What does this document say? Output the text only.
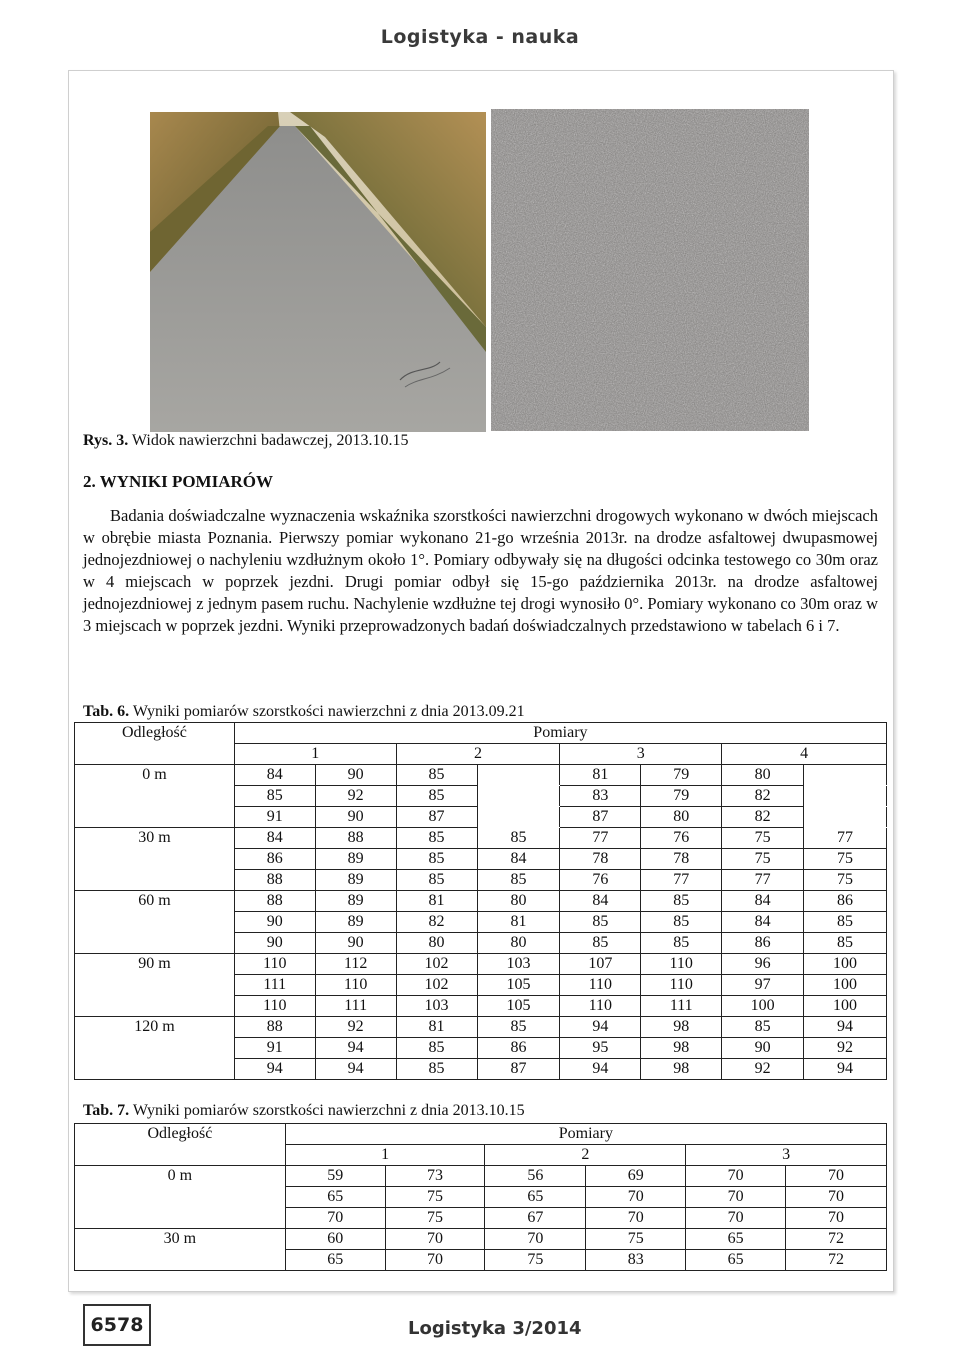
Logistyka - nauka
Rys. 3. Widok nawierzchni badawczej, 2013.10.15
2. WYNIKI POMIARÓW
Badania doświadczalne wyznaczenia wskaźnika szorstkości nawierzchni drogowych wykonano w dwóch miejscach w obrębie miasta Poznania. Pierwszy pomiar wykonano 21-go września 2013r. na drodze asfaltowej dwupasmowej jednojezdniowej o nachyleniu wzdłużnym około 1°. Pomiary odbywały się na długości odcinka testowego co 30m oraz w 4 miejscach w poprzek jezdni. Drugi pomiar odbył się 15-go października 2013r. na drodze asfaltowej jednojezdniowej z jednym pasem ruchu. Nachylenie wzdłużne tej drogi wynosiło 0°. Pomiary wykonano co 30m oraz w 3 miejscach w poprzek jezdni. Wyniki przeprowadzonych badań doświadczalnych przedstawiono w tabelach 6 i 7.
Tab. 6. Wyniki pomiarów szorstkości nawierzchni z dnia 2013.09.21
Odległość	Pomiary							
	1		2		3		4	
0 m	84	90	85		81	79	80	
	85	92	85		83	79	82	
	91	90	87		87	80	82	
30 m	84	88	85	85	77	76	75	77
	86	89	85	84	78	78	75	75
	88	89	85	85	76	77	77	75
60 m	88	89	81	80	84	85	84	86
	90	89	82	81	85	85	84	85
	90	90	80	80	85	85	86	85
90 m	110	112	102	103	107	110	96	100
	111	110	102	105	110	110	97	100
	110	111	103	105	110	111	100	100
120 m	88	92	81	85	94	98	85	94
	91	94	85	86	95	98	90	92
	94	94	85	87	94	98	92	94
Tab. 7. Wyniki pomiarów szorstkości nawierzchni z dnia 2013.10.15
Odległość	Pomiary					
	1		2		3	
0 m	59	73	56	69	70	70
	65	75	65	70	70	70
	70	75	67	70	70	70
30 m	60	70	70	75	65	72
	65	70	75	83	65	72
6578	Logistyka 3/2014
